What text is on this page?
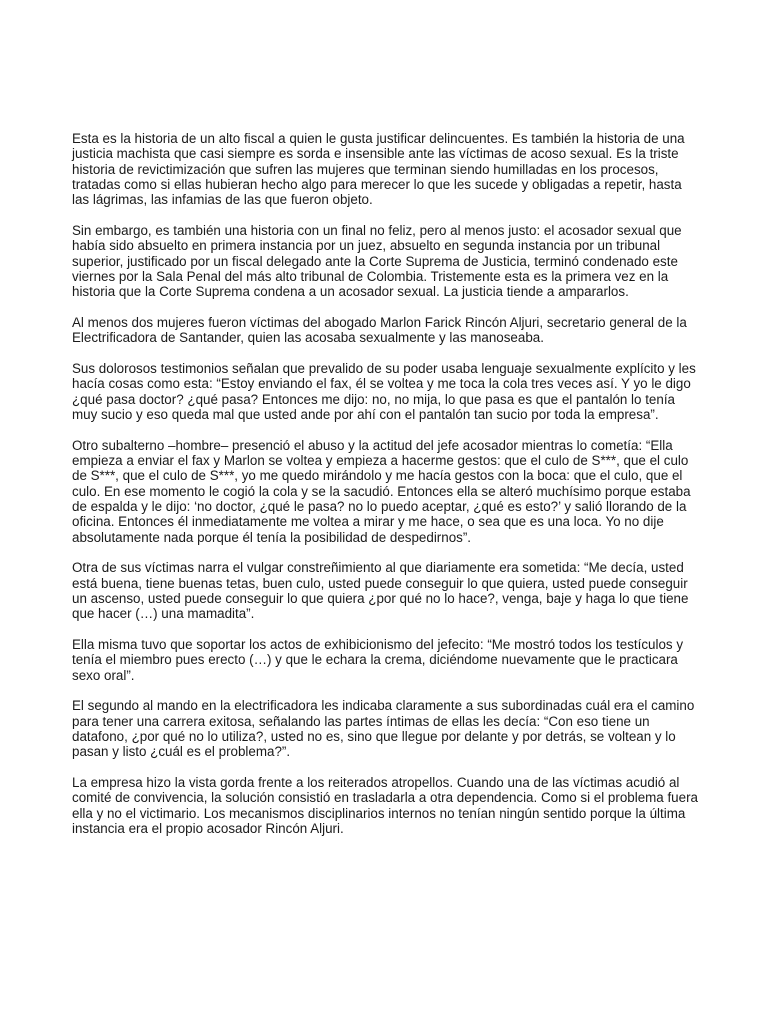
Esta es la historia de un alto fiscal a quien le gusta justificar delincuentes. Es también la historia de una justicia machista que casi siempre es sorda e insensible ante las víctimas de acoso sexual. Es la triste historia de revictimización que sufren las mujeres que terminan siendo humilladas en los procesos, tratadas como si ellas hubieran hecho algo para merecer lo que les sucede y obligadas a repetir, hasta las lágrimas, las infamias de las que fueron objeto.

Sin embargo, es también una historia con un final no feliz, pero al menos justo: el acosador sexual que había sido absuelto en primera instancia por un juez, absuelto en segunda instancia por un tribunal superior, justificado por un fiscal delegado ante la Corte Suprema de Justicia, terminó condenado este viernes por la Sala Penal del más alto tribunal de Colombia. Tristemente esta es la primera vez en la historia que la Corte Suprema condena a un acosador sexual. La justicia tiende a ampararlos.

Al menos dos mujeres fueron víctimas del abogado Marlon Farick Rincón Aljuri, secretario general de la Electrificadora de Santander, quien las acosaba sexualmente y las manoseaba.

Sus dolorosos testimonios señalan que prevalido de su poder usaba lenguaje sexualmente explícito y les hacía cosas como esta: “Estoy enviando el fax, él se voltea y me toca la cola tres veces así. Y yo le digo ¿qué pasa doctor? ¿qué pasa? Entonces me dijo: no, no mija, lo que pasa es que el pantalón lo tenía muy sucio y eso queda mal que usted ande por ahí con el pantalón tan sucio por toda la empresa”.

Otro subalterno –hombre– presenció el abuso y la actitud del jefe acosador mientras lo cometía: “Ella empieza a enviar el fax y Marlon se voltea y empieza a hacerme gestos: que el culo de S***, que el culo de S***, que el culo de S***, yo me quedo mirándolo y me hacía gestos con la boca: que el culo, que el culo. En ese momento le cogió la cola y se la sacudió. Entonces ella se alteró muchísimo porque estaba de espalda y le dijo: ‘no doctor, ¿qué le pasa? no lo puedo aceptar, ¿qué es esto?’ y salió llorando de la oficina. Entonces él inmediatamente me voltea a mirar y me hace, o sea que es una loca. Yo no dije absolutamente nada porque él tenía la posibilidad de despedirnos”.

Otra de sus víctimas narra el vulgar constreñimiento al que diariamente era sometida: “Me decía, usted está buena, tiene buenas tetas, buen culo, usted puede conseguir lo que quiera, usted puede conseguir un ascenso, usted puede conseguir lo que quiera ¿por qué no lo hace?, venga, baje y haga lo que tiene que hacer (…) una mamadita”.

Ella misma tuvo que soportar los actos de exhibicionismo del jefecito: “Me mostró todos los testículos y tenía el miembro pues erecto (…) y que le echara la crema, diciéndome nuevamente que le practicara sexo oral”.

El segundo al mando en la electrificadora les indicaba claramente a sus subordinadas cuál era el camino para tener una carrera exitosa, señalando las partes íntimas de ellas les decía: “Con eso tiene un datafono, ¿por qué no lo utiliza?, usted no es, sino que llegue por delante y por detrás, se voltean y lo pasan y listo ¿cuál es el problema?”.

La empresa hizo la vista gorda frente a los reiterados atropellos. Cuando una de las víctimas acudió al comité de convivencia, la solución consistió en trasladarla a otra dependencia. Como si el problema fuera ella y no el victimario. Los mecanismos disciplinarios internos no tenían ningún sentido porque la última instancia era el propio acosador Rincón Aljuri.
